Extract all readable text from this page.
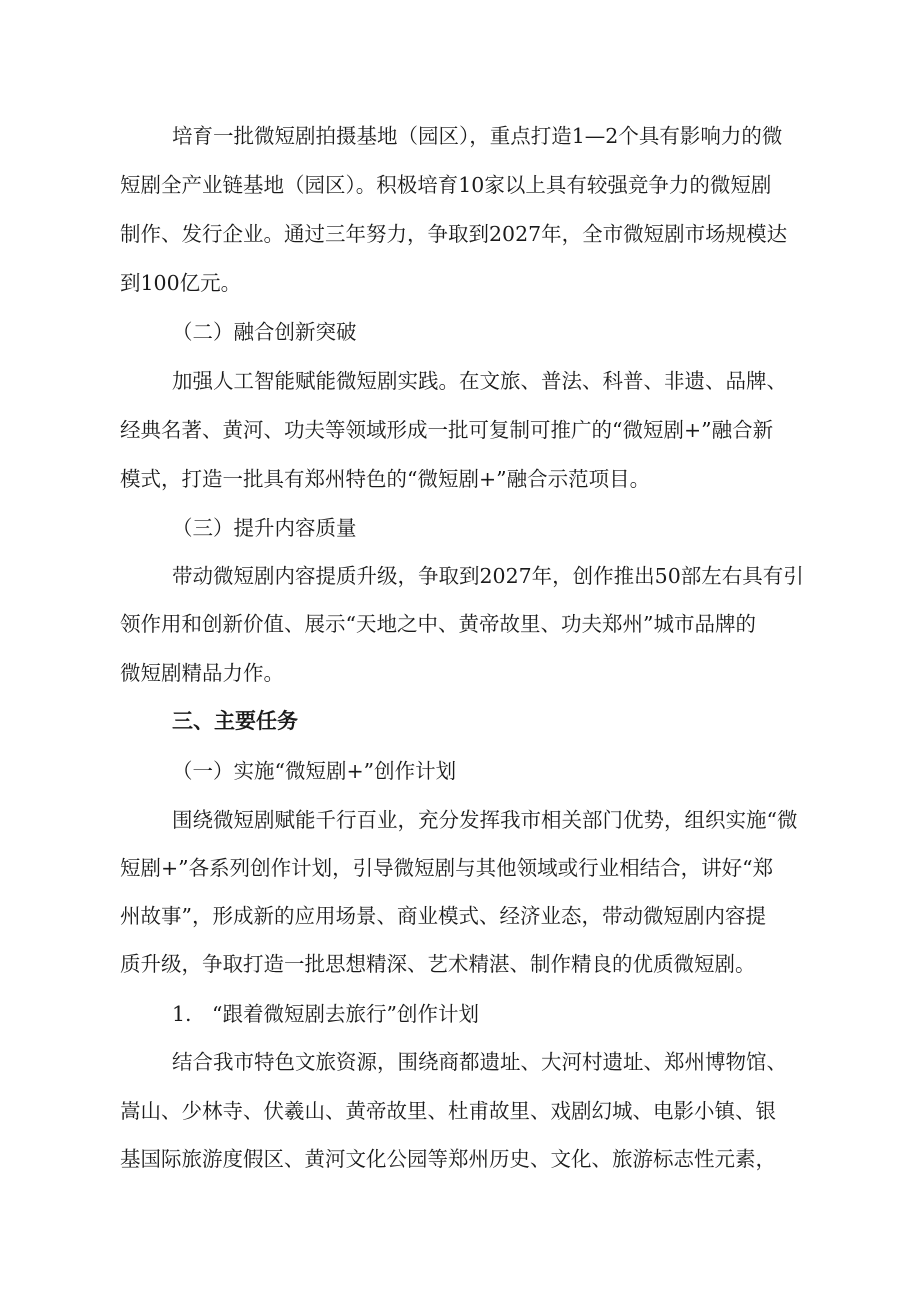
培育一批微短剧拍摄基地（园区），重点打造1—2个具有影响力的微
短剧全产业链基地（园区）。积极培育10家以上具有较强竞争力的微短剧
制作、发行企业。通过三年努力，争取到2027年，全市微短剧市场规模达
到100亿元。
（二）融合创新突破
加强人工智能赋能微短剧实践。在文旅、普法、科普、非遗、品牌、
经典名著、黄河、功夫等领域形成一批可复制可推广的“微短剧+”融合新
模式，打造一批具有郑州特色的“微短剧+”融合示范项目。
（三）提升内容质量
带动微短剧内容提质升级，争取到2027年，创作推出50部左右具有引
领作用和创新价值、展示“天地之中、黄帝故里、功夫郑州”城市品牌的
微短剧精品力作。
三、主要任务
（一）实施“微短剧+”创作计划
围绕微短剧赋能千行百业，充分发挥我市相关部门优势，组织实施“微
短剧+”各系列创作计划，引导微短剧与其他领域或行业相结合，讲好“郑
州故事”，形成新的应用场景、商业模式、经济业态，带动微短剧内容提
质升级，争取打造一批思想精深、艺术精湛、制作精良的优质微短剧。
1.　“跟着微短剧去旅行”创作计划
结合我市特色文旅资源，围绕商都遗址、大河村遗址、郑州博物馆、
嵩山、少林寺、伏羲山、黄帝故里、杜甫故里、戏剧幻城、电影小镇、银
基国际旅游度假区、黄河文化公园等郑州历史、文化、旅游标志性元素，
